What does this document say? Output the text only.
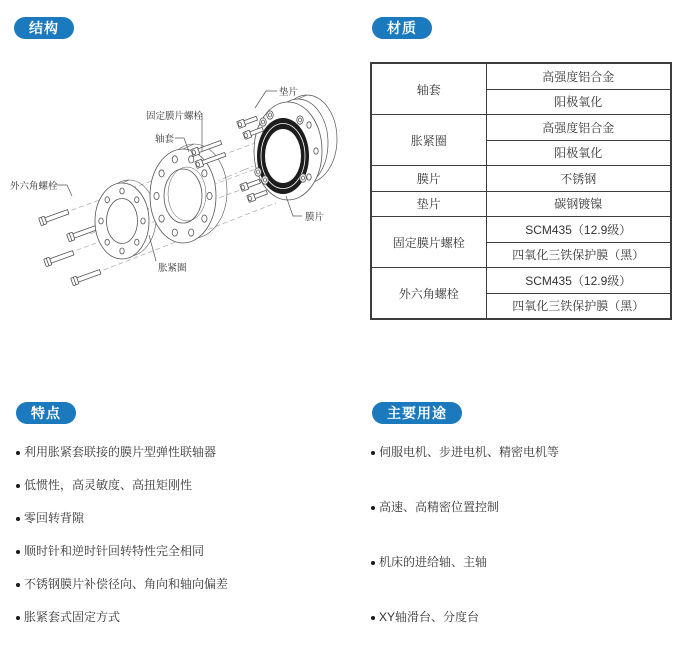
结构	材质
特点	主要用途
垫片
固定膜片螺栓
轴套
外六角螺栓
胀紧圈
膜片
轴套	高强度铝合金
	阳极氧化
胀紧圈	高强度铝合金
	阳极氧化
膜片	不锈钢
垫片	碳钢镀镍
固定膜片螺栓	SCM435（12.9级）
	四氧化三铁保护膜（黑）
外六角螺栓	SCM435（12.9级）
	四氧化三铁保护膜（黑）
利用胀紧套联接的膜片型弹性联轴器
低惯性，高灵敏度、高扭矩刚性
零回转背隙
顺时针和逆时针回转特性完全相同
不锈钢膜片补偿径向、角向和轴向偏差
胀紧套式固定方式
伺服电机、步进电机、精密电机等
高速、高精密位置控制
机床的进给轴、主轴
XY轴滑台、分度台
